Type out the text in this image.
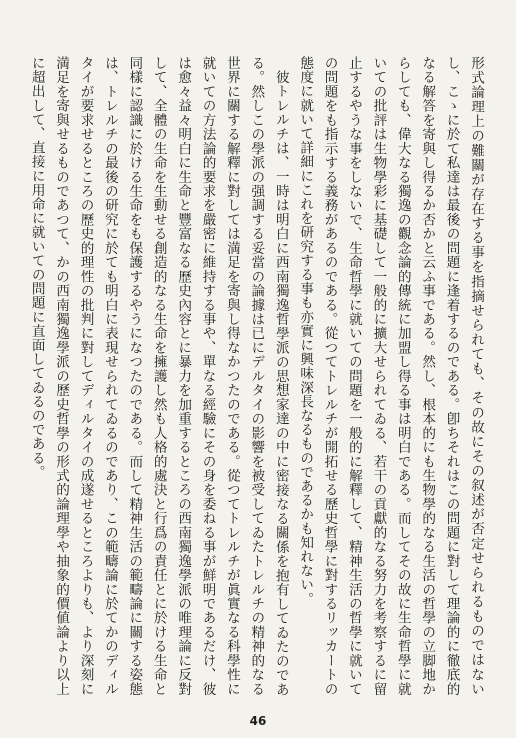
形式論理上の難關が存在する事を指摘せられても、その故にその叙述が否定せられるものではないし、こゝに於て私達は最後の問題に逢着するのである。卽ちそれはこの問題に對して理論的に徹底的なる解答を寄與し得るか否かと云ふ事である。然し、根本的にも生物學的なる生活の哲學の立脚地からしても、偉大なる獨逸の觀念論的傳統に加盟し得る事は明白である。而してその故に生命哲學に就いての批評は生物學彩に基礎して一般的に擴大せられてゐる、若干の貢獻的なる努力を考察するに留止するやうな事をしないで、生命哲學に就いての問題を一般的に解釋して、精神生活の哲學に就いての問題をも指示する義務があるのである。從つてトレルチが開拓せる歷史哲學に對するリッカートの態度に就いて詳細にこれを研究する事も亦實に興味深長なるものであるかも知れない。

彼トレルチは、一時は明白に西南獨逸哲學派の思想家達の中に密接なる關係を抱有してゐたのである。然しこの學派の强調する妥當の論據は已にデルタイの影響を被受してゐたトレルチの精神的なる世界に關する解釋に對しては満足を寄與し得なかつたのである。從つてトレルチが眞實なる科學性に就いての方法論的要求を嚴密に維持する事や、單なる經驗にその身を委ねる事が鮮明であるだけ、彼は愈々益々明白に生命と豐富なる歷史內容とに暴力を加重するところの西南獨逸學派の唯理論に反對して、全體の生命を生動せる創造的なる生命を擁護し然も人格的處決と行爲の責任とに於ける生命と同樣に認識に於ける生命をも保護するやうになつたのである。而して精神生活の範疇論に關する姿態は、トレルチの最後の研究に於ても明白に表現せられてゐるのであり、この範疇論に於てかのディルタイが要求せるところの歷史的理性の批判に對してディルタイの成遂せるところよりも、より深刻に満足を寄與せるものであつて、かの西南獨逸學派の歷史哲學の形式的論理學や抽象的價値論より以上に超出して、直接に用命に就いての問題に直面してゐるのである。

46
